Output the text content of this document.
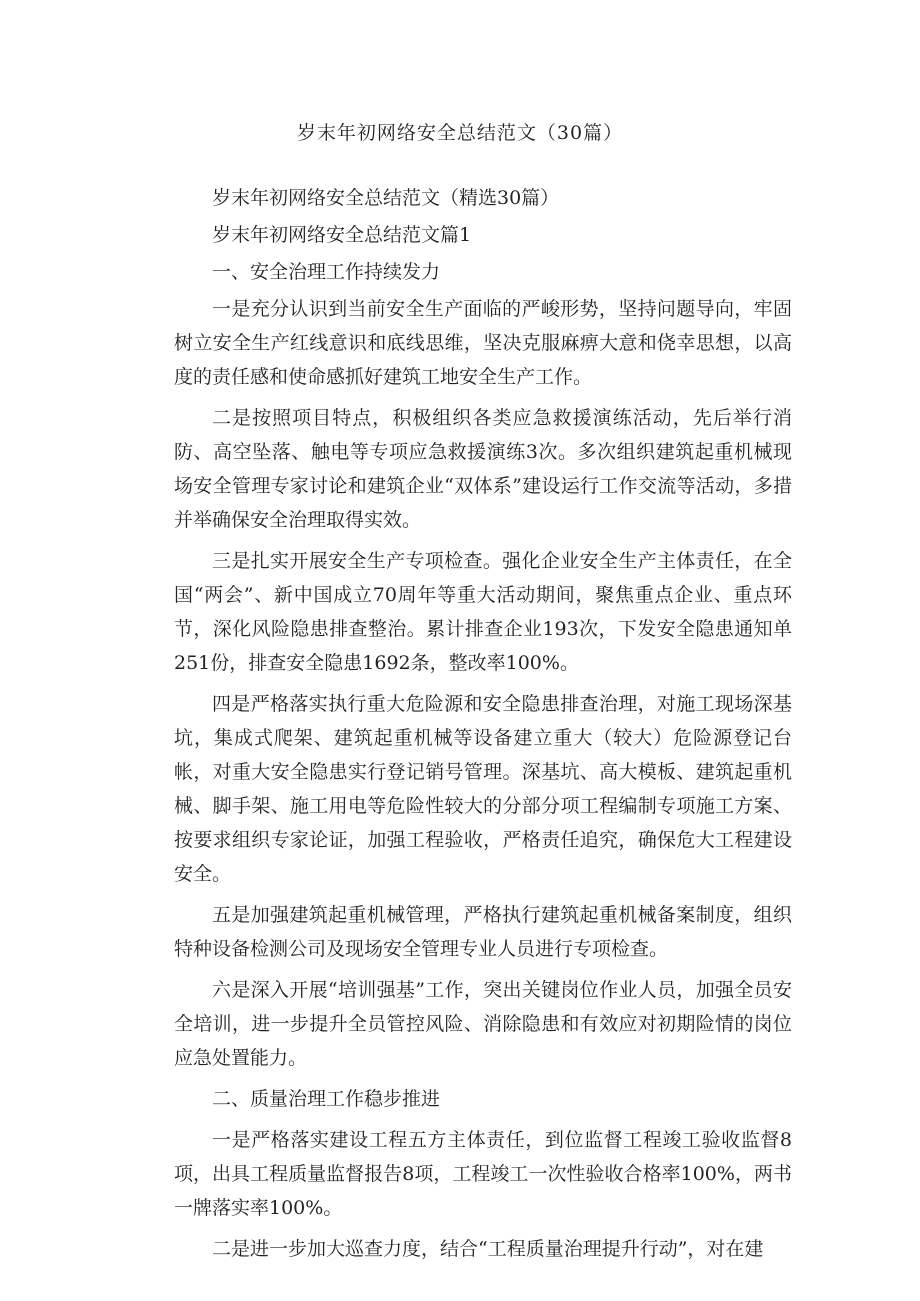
岁末年初网络安全总结范文（30篇）

岁末年初网络安全总结范文（精选30篇）

岁末年初网络安全总结范文篇1

一、安全治理工作持续发力

一是充分认识到当前安全生产面临的严峻形势，坚持问题导向，牢固树立安全生产红线意识和底线思维，坚决克服麻痹大意和侥幸思想，以高度的责任感和使命感抓好建筑工地安全生产工作。

二是按照项目特点，积极组织各类应急救援演练活动，先后举行消防、高空坠落、触电等专项应急救援演练3次。多次组织建筑起重机械现场安全管理专家讨论和建筑企业“双体系”建设运行工作交流等活动，多措并举确保安全治理取得实效。

三是扎实开展安全生产专项检查。强化企业安全生产主体责任，在全国“两会”、新中国成立70周年等重大活动期间，聚焦重点企业、重点环节，深化风险隐患排查整治。累计排查企业193次，下发安全隐患通知单251份，排查安全隐患1692条，整改率100%。

四是严格落实执行重大危险源和安全隐患排查治理，对施工现场深基坑，集成式爬架、建筑起重机械等设备建立重大（较大）危险源登记台帐，对重大安全隐患实行登记销号管理。深基坑、高大模板、建筑起重机械、脚手架、施工用电等危险性较大的分部分项工程编制专项施工方案、按要求组织专家论证，加强工程验收，严格责任追究，确保危大工程建设安全。

五是加强建筑起重机械管理，严格执行建筑起重机械备案制度，组织特种设备检测公司及现场安全管理专业人员进行专项检查。

六是深入开展“培训强基”工作，突出关键岗位作业人员，加强全员安全培训，进一步提升全员管控风险、消除隐患和有效应对初期险情的岗位应急处置能力。

二、质量治理工作稳步推进

一是严格落实建设工程五方主体责任，到位监督工程竣工验收监督8项，出具工程质量监督报告8项，工程竣工一次性验收合格率100%，两书一牌落实率100%。

二是进一步加大巡查力度，结合“工程质量治理提升行动”，对在建
